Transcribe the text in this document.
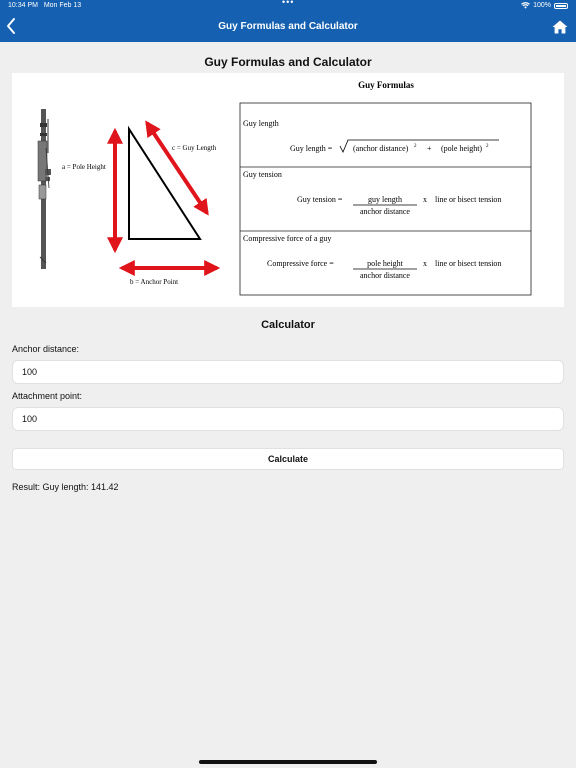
10:34 PM Mon Feb 13	•••	100%
Guy Formulas and Calculator
Guy Formulas and Calculator
a = Pole Height
c = Guy Length
b = Anchor Point
Guy Formulas
Guy length
Guy length =	(anchor distance) 2 + (pole height) 2
Guy tension
Guy tension =	guy length
anchor distance
x line or bisect tension
Compressive force of a guy
Compressive force =	pole height
anchor distance
x line or bisect tension
Calculator
Anchor distance:
100
Attachment point:
100
Calculate
Result: Guy length: 141.42
